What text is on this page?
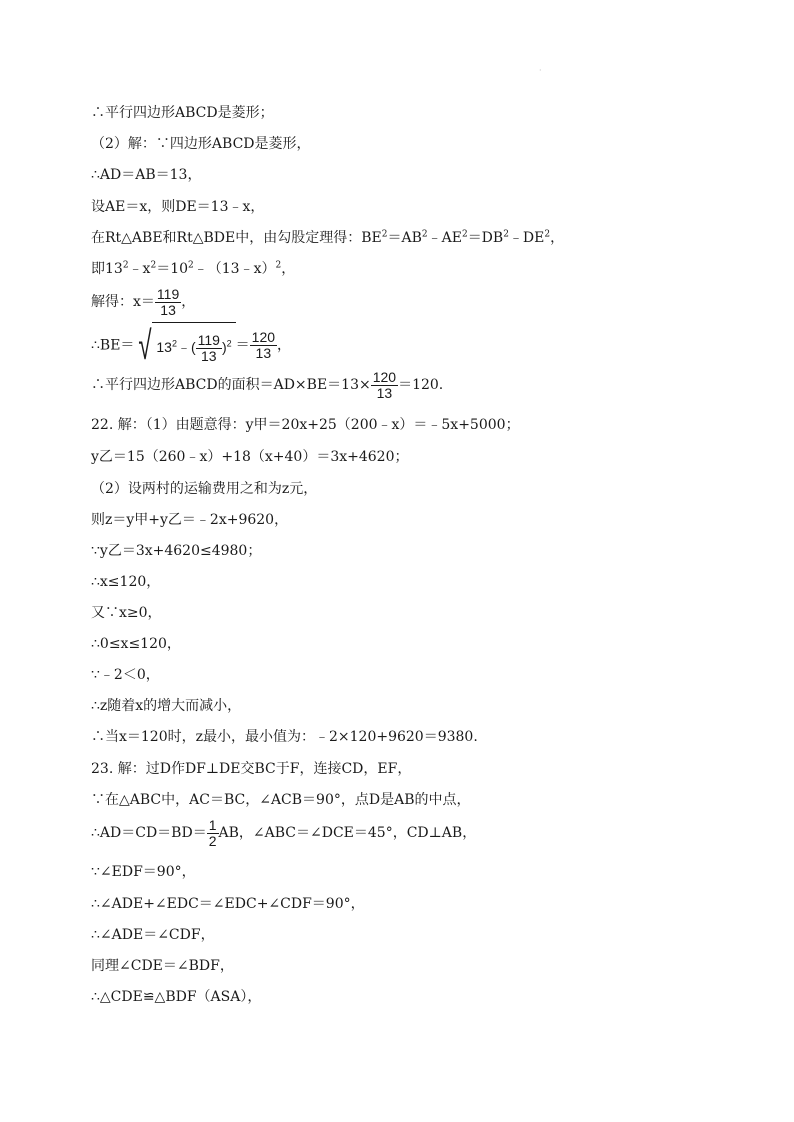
·
∴平行四边形ABCD是菱形；
（2）解：∵四边形ABCD是菱形，
∴AD＝AB＝13，
设AE＝x，则DE＝13﹣x，
在Rt△ABE和Rt△BDE中，由勾股定理得：$BE^2=AB^2﹣AE^2=DB^2﹣DE^2$，
即$13^2﹣x^2=10^2﹣(13﹣x)^2$，
解得：$x= \frac{119}{13}$ ，
∴BE＝ √ $13^2﹣( \frac{119}{13} )^2 = \frac{120}{13}$ ，
∴平行四边形ABCD的面积$=AD\times BE=13\times \frac{120}{13} =120$.
22. 解：（1）由题意得：y甲＝20x+25（200﹣x）＝﹣5x+5000；
y乙＝15（260﹣x）+18（x+40）＝3x+4620；
（2）设两村的运输费用之和为z元，
则z＝y甲+y乙＝﹣2x+9620，
∵y乙＝3x+4620≤4980；
∴x≤120，
又∵x≥0，
∴0≤x≤120，
∵﹣2＜0，
∴z随着x的增大而减小，
∴当x＝120时，z最小，最小值为：﹣2×120+9620＝9380.
23. 解：过D作DF⊥DE交BC于F，连接CD，EF，
∵在△ABC中，AC＝BC，∠ACB＝90°，点D是AB的中点，
∴AD＝CD＝BD＝ $\frac{1}{2}$ AB，∠ABC＝∠DCE＝45°，CD⊥AB，
∵∠EDF＝90°，
∴∠ADE+∠EDC＝∠EDC+∠CDF＝90°，
∴∠ADE＝∠CDF，
同理∠CDE＝∠BDF，
∴△CDE≌△BDF（ASA），
